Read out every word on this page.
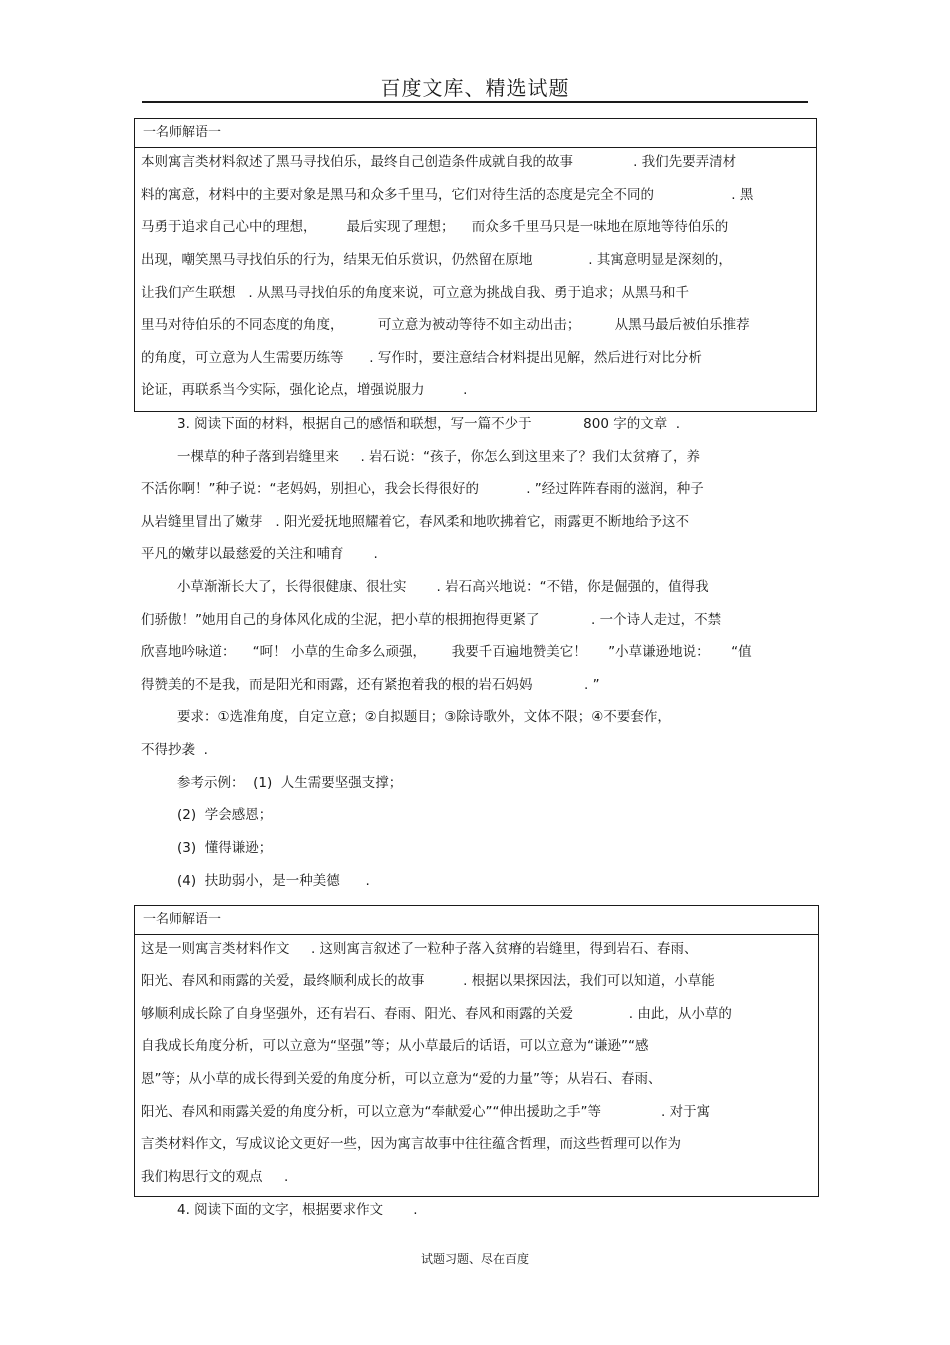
百度文库、精选试题
一名师解语一
本则寓言类材料叙述了黑马寻找伯乐，最终自己创造条件成就自我的故事              . 我们先要弄清材
料的寓意，材料中的主要对象是黑马和众多千里马，它们对待生活的态度是完全不同的                  . 黑
马勇于追求自己心中的理想，       最后实现了理想；    而众多千里马只是一味地在原地等待伯乐的
出现，嘲笑黑马寻找伯乐的行为，结果无伯乐赏识，仍然留在原地             . 其寓意明显是深刻的，
让我们产生联想   . 从黑马寻找伯乐的角度来说，可立意为挑战自我、勇于追求；从黑马和千
里马对待伯乐的不同态度的角度，        可立意为被动等待不如主动出击；        从黑马最后被伯乐推荐
的角度，可立意为人生需要历练等      . 写作时，要注意结合材料提出见解，然后进行对比分析
论证，再联系当今实际，强化论点，增强说服力         .
3. 阅读下面的材料，根据自己的感悟和联想，写一篇不少于            800 字的文章  .
一棵草的种子落到岩缝里来     . 岩石说：“孩子，你怎么到这里来了？我们太贫瘠了，养
不活你啊！”种子说：“老妈妈，别担心，我会长得很好的           . ”经过阵阵春雨的滋润，种子
从岩缝里冒出了嫩芽   . 阳光爱抚地照耀着它，春风柔和地吹拂着它，雨露更不断地给予这不
平凡的嫩芽以最慈爱的关注和哺育       .
小草渐渐长大了，长得很健康、很壮实       . 岩石高兴地说：“不错，你是倔强的，值得我
们骄傲！”她用自己的身体风化成的尘泥，把小草的根拥抱得更紧了            . 一个诗人走过，不禁
欣喜地吟咏道：    “呵！ 小草的生命多么顽强，      我要千百遍地赞美它！     ”小草谦逊地说：     “值
得赞美的不是我，而是阳光和雨露，还有紧抱着我的根的岩石妈妈            . ”
要求：①选准角度，自定立意；②自拟题目；③除诗歌外，文体不限；④不要套作，
不得抄袭  .
参考示例：  (1)  人生需要坚强支撑；
(2)  学会感恩；
(3)  懂得谦逊；
(4)  扶助弱小，是一种美德      .
一名师解语一
这是一则寓言类材料作文     . 这则寓言叙述了一粒种子落入贫瘠的岩缝里，得到岩石、春雨、
阳光、春风和雨露的关爱，最终顺利成长的故事         . 根据以果探因法，我们可以知道，小草能
够顺利成长除了自身坚强外，还有岩石、春雨、阳光、春风和雨露的关爱             . 由此，从小草的
自我成长角度分析，可以立意为“坚强”等；从小草最后的话语，可以立意为“谦逊”“感
恩”等；从小草的成长得到关爱的角度分析，可以立意为“爱的力量”等；从岩石、春雨、
阳光、春风和雨露关爱的角度分析，可以立意为“奉献爱心”“伸出援助之手”等              . 对于寓
言类材料作文，写成议论文更好一些，因为寓言故事中往往蕴含哲理，而这些哲理可以作为
我们构思行文的观点     .
4. 阅读下面的文字，根据要求作文       .
试题习题、尽在百度
